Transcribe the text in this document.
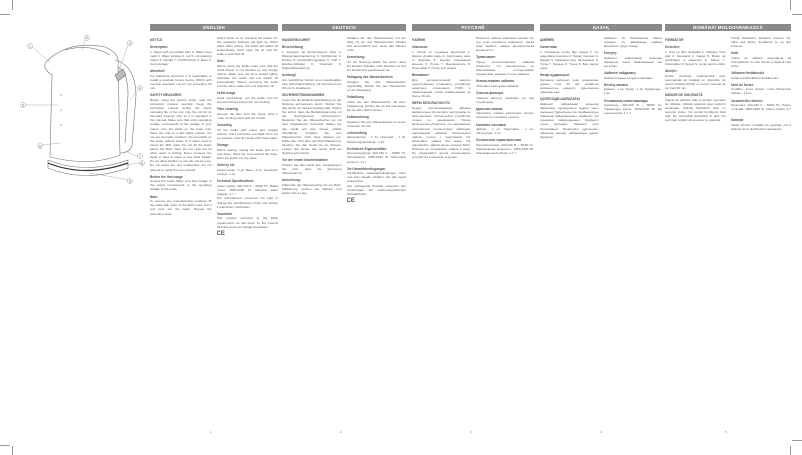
1
2
3
4
5
6
7
8
9
ENGLISH
KETTLE
Description

1. Spout with removable filter 2. Water level mark 3. Water window 4. Lid 5. Lid opening button 6. Handle 7. On/Off button 8. Base 9. Cord storage

Attention!

For additional protection it is reasonable to install a residual current device (RCD) with nominal operation current not exceeding 30 mA.

SAFETY MEASURES

Before using the electric kettle, read the instruction manual carefully. Keep the instruction manual during the whole operating life of the unit. Use the unit for its intended purpose only as it is specified in this manual. Make sure that unit's operating voltage corresponds to the voltage of your mains. Use the kettle on the base only. Place the unit on a flat stable surface. Do not use the kettle outdoors. Do not switch on the kettle without water or if water level is below the MIN mark. Do not fill the kettle above the MAX mark. Do not open the lid when water is boiling. Never immerse the kettle or base in water or any other liquids. Do not allow children to use the unit as a toy. Do not leave the unit unattended. Do not attempt to repair the unit yourself.

Before the first usage

Unpack the kettle. Make sure that voltage of the mains corresponds to the operating voltage of the kettle.

Note:

To remove any manufacturing residues, fill the kettle with water to the MAX mark, boil it and pour out the water. Repeat the procedure twice.

Switch kettle on by pressing the button (7). The operation indicator will light up. When water starts boiling, the kettle will switch off automatically. Don't open the lid until the kettle is switched off.

Note:

Before using the kettle make sure that the on/off button is not blocked by any foreign objects. Make sure the lid is closed tightly, otherwise the kettle will not switch off automatically. Before removing the kettle from the base make sure it is switched off.

Kettle usage

Avoid overheating. Let the kettle cool for several minutes before the next boiling.

Filter cleaning

Remove the filter from the spout, rinse it under running water and put it back.

Descaling

Fill the kettle with water and vinegar solution, boil it and leave overnight. Pour out the solution, rinse the kettle with clean water.

Storage

Before storing, unplug the kettle and let it cool down. Wind the cord around the base. Store the kettle in a dry place.

Delivery set

Electric kettle - 1 pc. Base - 1 pc. Instruction manual - 1 pc.

Technical Specifications

Power supply: 220-240 V ~ 50/60 Hz. Rated power: 1850-2200 W. Maximal water capacity: 1.7 l

The manufacturer preserves the right to change the specifications of the unit without a preliminary notification.

Guarantee

This product conforms to the EMC requirements as laid down by the Council Directive and Low Voltage Regulation.

CE
DEUTSCH
WASSERKOCHER
Beschreibung

1. Ausguss mit abnehmbarem Filter 2. Wasserstandmarkierung 3. Sichtfenster 4. Deckel 5. Deckelöffnungstaste 6. Griff 7. Ein/Aus-Schalter 8. Untersatz 9. Kabelaufbewahrung

Achtung!

Als zusätzlicher Schutz ist es zweckmäßig, eine Schutzabschaltung mit Nennstrom bis 30 mA zu installieren.

SICHERHEITSMAßNAHMEN

Lesen Sie die Bedienungsanleitung vor der Nutzung aufmerksam durch. Nutzen Sie das Gerät nur bestimmungsgemäß. Stellen Sie sicher, dass die Betriebsspannung mit der Netzspannung übereinstimmt. Benutzen Sie den Wasserkocher nur mit dem mitgelieferten Untersatz. Stellen Sie das Gerät auf eine ebene, stabile Oberfläche. Schalten Sie den Wasserkocher nicht ohne Wasser ein. Füllen Sie nicht über die MAX-Markierung. Tauchen Sie das Gerät nie ins Wasser. Lassen Sie Kinder das Gerät nicht als Spielzeug benutzen.

Vor der ersten Inbetriebnahme

Packen Sie das Gerät aus. Vergewissern Sie sich, dass die Spannung übereinstimmt.

Anmerkung:

Füllen Sie den Wasserkocher bis zur MAX-Markierung, kochen Sie Wasser und gießen Sie es aus.

Schalten Sie den Wasserkocher mit der Taste (7) ein. Der Wasserkocher schaltet sich automatisch aus, wenn das Wasser kocht.

Anmerkung:

Vor der Nutzung stellen Sie sicher, dass der Ein/Aus-Schalter nicht blockiert ist und der Deckel fest geschlossen ist.

Reinigung des Wasserkochers

Reinigen Sie den Wasserkocher regelmäßig. Ziehen Sie den Netzstecker vor der Reinigung.

Entkalkung

Füllen Sie den Wasserkocher mit einer Essiglösung, kochen Sie sie auf und lassen Sie sie über Nacht stehen.

Aufbewahrung

Bewahren Sie den Wasserkocher an einem trockenen Ort auf.

Lieferumfang

Wasserkocher - 1 St. Untersatz - 1 St. Bedienungsanleitung - 1 St.

Technische Eigenschaften

Stromversorgung: 220-240 V ~ 50/60 Hz. Nennleistung: 1850-2200 W. Maximales Volumen: 1,7 l

Die Garantiebedingungen

Ausführliche Garantiebedingungen kann man beim Dealer erhalten, der das Gerät verkauft hat.

Das vorliegende Produkt entspricht den Forderungen der elektromagnetischen Verträglichkeit.

CE
РУССКИЙ
ЧАЙНИК
Описание

1. Носик со съемным фильтром 2. Шкала уровня воды 3. Смотровое окно 4. Крышка 5. Кнопка открывания крышки 6. Ручка 7. Выключатель 8. Подставка 9. Отсек для шнура

Внимание!

Для дополнительной защиты целесообразно установить устройство защитного отключения (УЗО) с номинальным током срабатывания не более 30 мА.

МЕРЫ БЕЗОПАСНОСТИ

Перед использованием чайника внимательно прочитайте инструкцию по эксплуатации. Используйте устройство только по назначению. Перед включением убедитесь, что напряжение электросети соответствует рабочему напряжению чайника. Используйте чайник только с подставкой. Не включайте чайник без воды. Не наполняйте чайник выше отметки MAX. Никогда не погружайте чайник в воду. Не разрешайте детям использовать устройство в качестве игрушки.

Включите чайник нажатием кнопки (7), при этом загорится индикатор. Когда вода закипит, чайник автоматически выключится.

Примечание:

Перед использованием чайника убедитесь, что выключатель не заблокирован посторонними предметами, крышка плотно закрыта.

Использование чайника

Избегайте перегрева чайника.

Очистка фильтра

Снимите фильтр, промойте его под струей воды.

Удаление накипи

Наполните чайник раствором уксуса, вскипятите и оставьте на ночь.

Комплект поставки

Чайник - 1 шт. Подставка - 1 шт. Инструкция - 1 шт.

Технические характеристики

Электропитание: 220-240 В ~ 50/60 Гц. Номинальная мощность: 1850-2200 Вт. Максимальный объем: 1,7 л

ҚАЗАҚ
ШӘЙНЕК
Сипаттама

1. Алынатын сүзгісі бар шүмек 2. Су деңгейінің шкаласы 3. Қарау терезесі 4. Қақпақ 5. Қақпақты ашу батырмасы 6. Тұтқа 7. Қосқыш 8. Тұғыр 9. Бау сақтау орны

Назар аударыңыз!

Қосымша қорғаныс үшін номиналды жұмыс тогы 30 мА аспайтын қорғаныстық ажырату құрылғысын орнатқан жөн.

ҚАУІПСІЗДІК ШАРАЛАРЫ

Шәйнекті пайдаланар алдында пайдалану нұсқаулығын мұқият оқып шығыңыз. Құрылғыны тек тағайындалуы бойынша пайдаланыңыз. Шәйнекті тек тұғырмен пайдаланыңыз. Шәйнекті сусыз қоспаңыз. Шәйнекті суға батырмаңыз. Балаларға құрылғыны ойыншық ретінде пайдалануға рұқсат бермеңіз.

Шәйнекті (7) батырмасын басып қосыңыз. Су қайнағанда шәйнек автоматты түрде сөнеді.

Ескерту:

Шәйнекті пайдаланар алдында қақпақтың тығыз жабылғанына көз жеткізіңіз.

Шәйнекті пайдалану

Шәйнекті қызып кетуден сақтаңыз.

Жеткізу жинағы

Шәйнек - 1 дн. Тұғыр - 1 дн. Нұсқаулық - 1 дн.

Техникалық сипаттамалары

Қоректену: 220-240 В ~ 50/60 Гц. Номиналды қуаты: 1850-2200 Вт. Ең үлкен көлемі: 1,7 л

ROMÂNĂ/ MOLDOVENEASCĂ
FIERBĂTOR
Descriere

1. Cioc cu filtru detaşabil 2. Indicator nivel apă 3. Fereastră 4. Capac 5. Buton de deschidere a capacului 6. Mâner 7. Întrerupător 8. Suport 9. Locaş pentru cablu

Atenţie!

Pentru protecţie suplimentară este recomandat să instalaţi un dispozitiv de curent rezidual (RCD) cu curent nominal de cel mult 30 mA.

MĂSURI DE SIGURANŢĂ

Înainte de utilizare citiţi cu atenţie manualul de utilizare. Utilizaţi aparatul doar conform destinaţiei. Utilizaţi fierbătorul doar cu suportul inclus. Nu porniţi fierbătorul fără apă. Nu scufundaţi fierbătorul în apă. Nu permiteţi copiilor să se joace cu aparatul.

Porniţi fierbătorul apăsând butonul (7). Când apa fierbe, fierbătorul se va opri automat.

Notă:

Înainte de utilizare asiguraţi-vă că întrerupătorul nu este blocat şi capacul este închis.

Utilizarea fierbătorului

Evitaţi supraîncălzirea fierbătorului.

Setul de livrare

Fierbător - 1 buc. Suport - 1 buc. Manual de utilizare - 1 buc.

Caracteristici tehnice

Alimentare: 220-240 V ~ 50/60 Hz. Putere nominală: 1850-2200 W. Volum maxim: 1,7 l

Garanţie

Detalii privind condiţiile de garanţie pot fi obţinute de la distribuitorul aparatului.

1	2	3	4	5
